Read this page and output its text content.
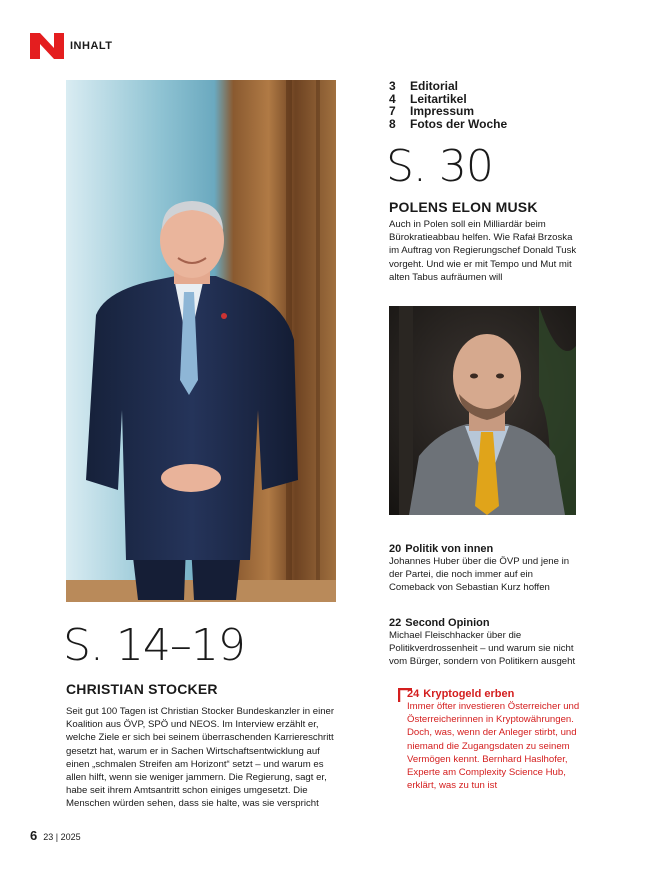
INHALT
3	Editorial
4	Leitartikel
7	Impressum
8	Fotos der Woche
S. 30
POLENS ELON MUSK
Auch in Polen soll ein Milliardär beim Bürokratieabbau helfen. Wie Rafał Brzoska im Auftrag von Regierungschef Donald Tusk vorgeht. Und wie er mit Tempo und Mut mit alten Tabus aufräumen will
20 Politik von innen
Johannes Huber über die ÖVP und jene in der Partei, die noch immer auf ein Comeback von Sebastian Kurz hoffen
22 Second Opinion
Michael Fleischhacker über die Politikverdrossenheit – und warum sie nicht vom Bürger, sondern von Politikern ausgeht
S. 14–19
CHRISTIAN STOCKER
Seit gut 100 Tagen ist Christian Stocker Bundeskanzler in einer Koalition aus ÖVP, SPÖ und NEOS. Im Interview erzählt er, welche Ziele er sich bei seinem überraschenden Karriereschritt gesetzt hat, warum er in Sachen Wirtschaftsentwicklung auf einen „schmalen Streifen am Horizont“ setzt – und warum es allen hilft, wenn sie weniger jammern. Die Regierung, sagt er, habe seit ihrem Amtsantritt schon einiges umgesetzt. Die Menschen würden sehen, dass sie halte, was sie verspricht
24 Kryptogeld erben
Immer öfter investieren Österreicher und Österreicherinnen in Kryptowährungen. Doch, was, wenn der Anleger stirbt, und niemand die Zugangsdaten zu seinem Vermögen kennt. Bernhard Haslhofer, Experte am Complexity Science Hub, erklärt, was zu tun ist
6 23 | 2025
